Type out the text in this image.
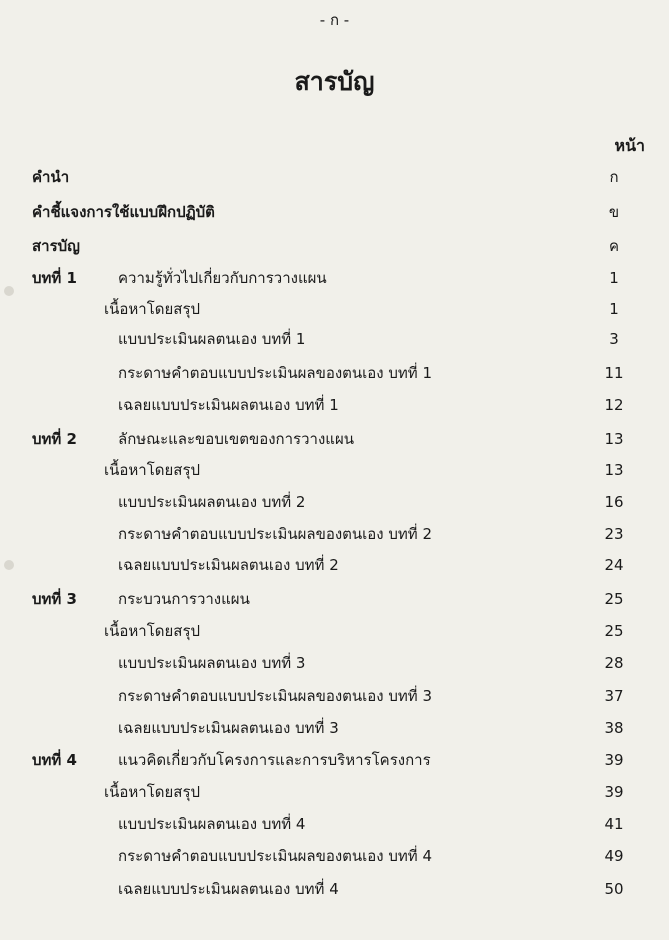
- ก -
สารบัญ
หน้า
คำนำ	ก
คำชี้แจงการใช้แบบฝึกปฏิบัติ	ข
สารบัญ	ค
บทที่ 1	ความรู้ทั่วไปเกี่ยวกับการวางแผน	1
เนื้อหาโดยสรุป	1
แบบประเมินผลตนเอง บทที่ 1	3
กระดาษคำตอบแบบประเมินผลของตนเอง บทที่ 1	11
เฉลยแบบประเมินผลตนเอง บทที่ 1	12
บทที่ 2	ลักษณะและขอบเขตของการวางแผน	13
เนื้อหาโดยสรุป	13
แบบประเมินผลตนเอง บทที่ 2	16
กระดาษคำตอบแบบประเมินผลของตนเอง บทที่ 2	23
เฉลยแบบประเมินผลตนเอง บทที่ 2	24
บทที่ 3	กระบวนการวางแผน	25
เนื้อหาโดยสรุป	25
แบบประเมินผลตนเอง บทที่ 3	28
กระดาษคำตอบแบบประเมินผลของตนเอง บทที่ 3	37
เฉลยแบบประเมินผลตนเอง บทที่ 3	38
บทที่ 4	แนวคิดเกี่ยวกับโครงการและการบริหารโครงการ	39
เนื้อหาโดยสรุป	39
แบบประเมินผลตนเอง บทที่ 4	41
กระดาษคำตอบแบบประเมินผลของตนเอง บทที่ 4	49
เฉลยแบบประเมินผลตนเอง บทที่ 4	50
